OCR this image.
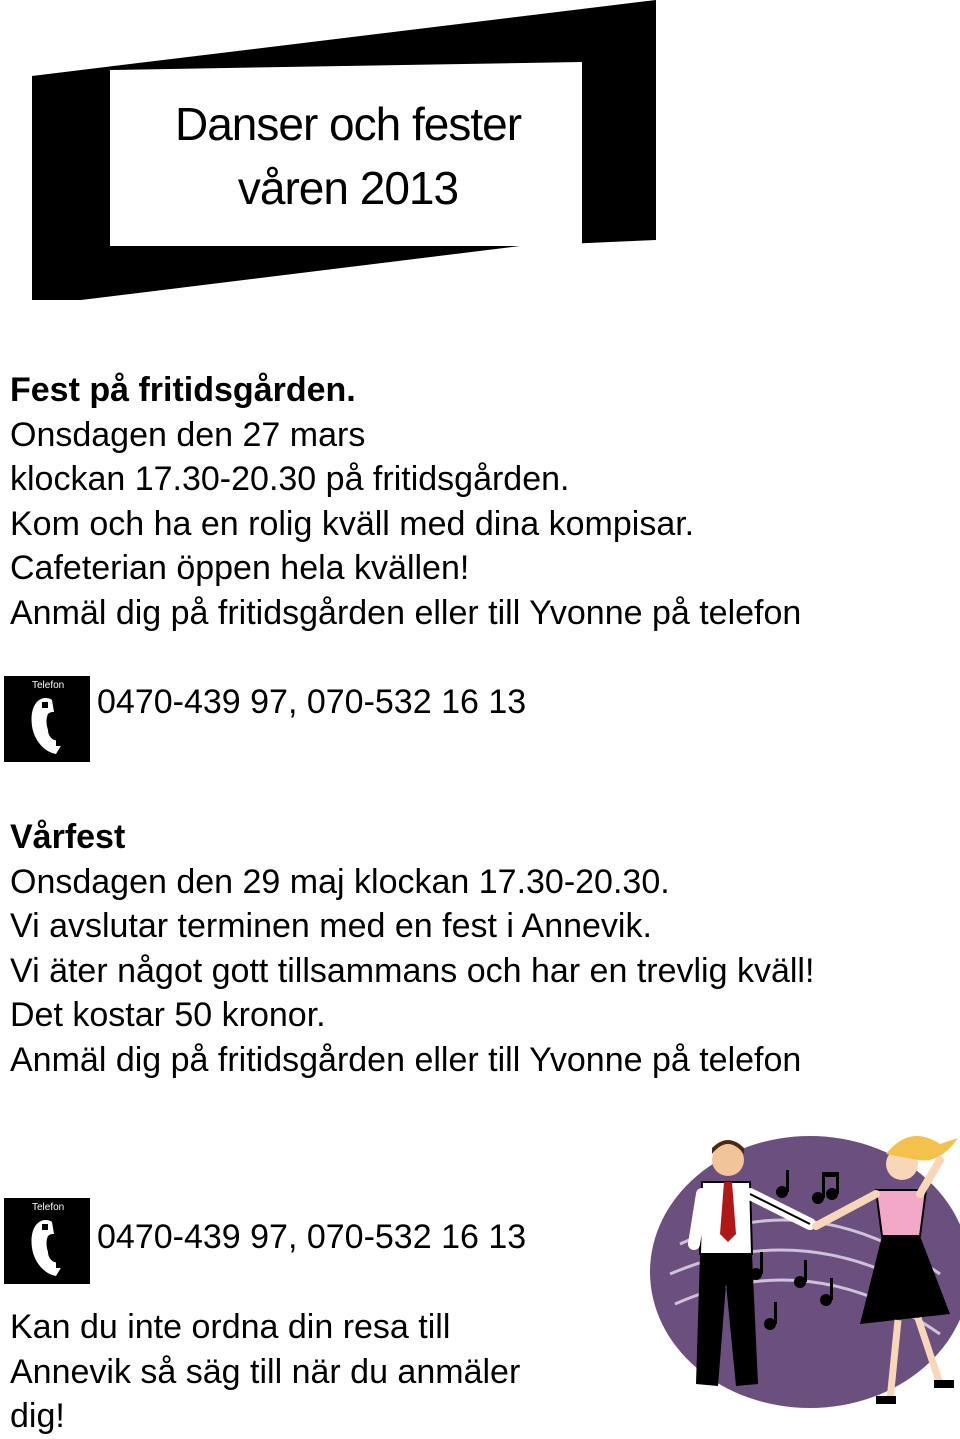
Danser och fester
våren 2013
Fest på fritidsgården.
Onsdagen den 27 mars
klockan 17.30-20.30 på fritidsgården.
Kom och ha en rolig kväll med dina kompisar.
Cafeterian öppen hela kvällen!
Anmäl dig på fritidsgården eller till Yvonne på telefon
Telefon 0470-439 97, 070-532 16 13
Vårfest
Onsdagen den 29 maj klockan 17.30-20.30.
Vi avslutar terminen med en fest i Annevik.
Vi äter något gott tillsammans och har en trevlig kväll!
Det kostar 50 kronor.
Anmäl dig på fritidsgården eller till Yvonne på telefon
Telefon
0470-439 97, 070-532 16 13
Kan du inte ordna din resa till
Annevik så säg till när du anmäler
dig!
